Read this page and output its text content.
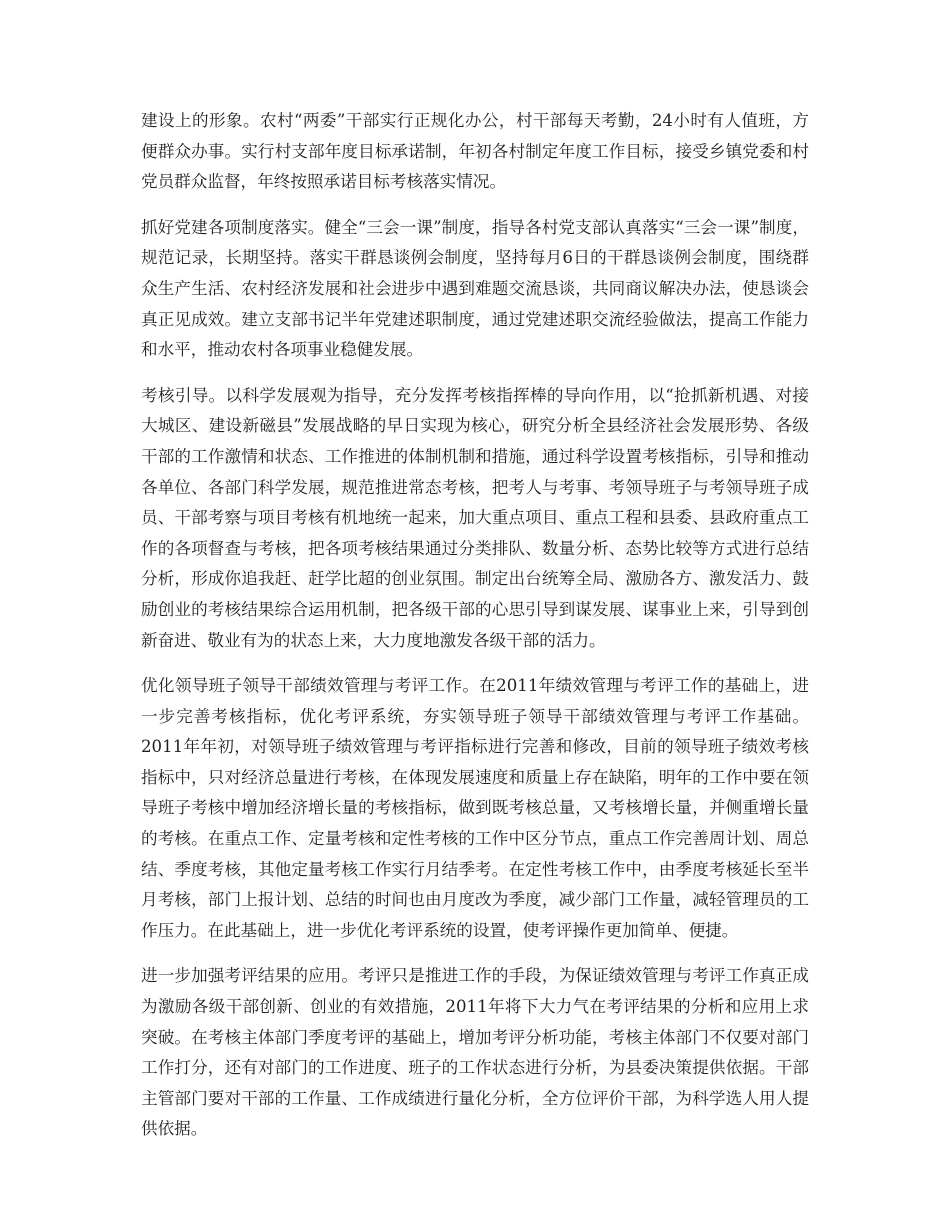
建设上的形象。农村“两委”干部实行正规化办公，村干部每天考勤，24小时有人值班，方便群众办事。实行村支部年度目标承诺制，年初各村制定年度工作目标，接受乡镇党委和村党员群众监督，年终按照承诺目标考核落实情况。

抓好党建各项制度落实。健全“三会一课”制度，指导各村党支部认真落实“三会一课”制度，规范记录，长期坚持。落实干群恳谈例会制度，坚持每月6日的干群恳谈例会制度，围绕群众生产生活、农村经济发展和社会进步中遇到难题交流恳谈，共同商议解决办法，使恳谈会真正见成效。建立支部书记半年党建述职制度，通过党建述职交流经验做法，提高工作能力和水平，推动农村各项事业稳健发展。

考核引导。以科学发展观为指导，充分发挥考核指挥棒的导向作用，以“抢抓新机遇、对接大城区、建设新磁县”发展战略的早日实现为核心，研究分析全县经济社会发展形势、各级干部的工作激情和状态、工作推进的体制机制和措施，通过科学设置考核指标，引导和推动各单位、各部门科学发展，规范推进常态考核，把考人与考事、考领导班子与考领导班子成员、干部考察与项目考核有机地统一起来，加大重点项目、重点工程和县委、县政府重点工作的各项督查与考核，把各项考核结果通过分类排队、数量分析、态势比较等方式进行总结分析，形成你追我赶、赶学比超的创业氛围。制定出台统筹全局、激励各方、激发活力、鼓励创业的考核结果综合运用机制，把各级干部的心思引导到谋发展、谋事业上来，引导到创新奋进、敬业有为的状态上来，大力度地激发各级干部的活力。

优化领导班子领导干部绩效管理与考评工作。在2011年绩效管理与考评工作的基础上，进一步完善考核指标，优化考评系统，夯实领导班子领导干部绩效管理与考评工作基础。2011年年初，对领导班子绩效管理与考评指标进行完善和修改，目前的领导班子绩效考核指标中，只对经济总量进行考核，在体现发展速度和质量上存在缺陷，明年的工作中要在领导班子考核中增加经济增长量的考核指标，做到既考核总量，又考核增长量，并侧重增长量的考核。在重点工作、定量考核和定性考核的工作中区分节点，重点工作完善周计划、周总结、季度考核，其他定量考核工作实行月结季考。在定性考核工作中，由季度考核延长至半月考核，部门上报计划、总结的时间也由月度改为季度，减少部门工作量，减轻管理员的工作压力。在此基础上，进一步优化考评系统的设置，使考评操作更加简单、便捷。

进一步加强考评结果的应用。考评只是推进工作的手段，为保证绩效管理与考评工作真正成为激励各级干部创新、创业的有效措施，2011年将下大力气在考评结果的分析和应用上求突破。在考核主体部门季度考评的基础上，增加考评分析功能，考核主体部门不仅要对部门工作打分，还有对部门的工作进度、班子的工作状态进行分析，为县委决策提供依据。干部主管部门要对干部的工作量、工作成绩进行量化分析，全方位评价干部，为科学选人用人提供依据。
